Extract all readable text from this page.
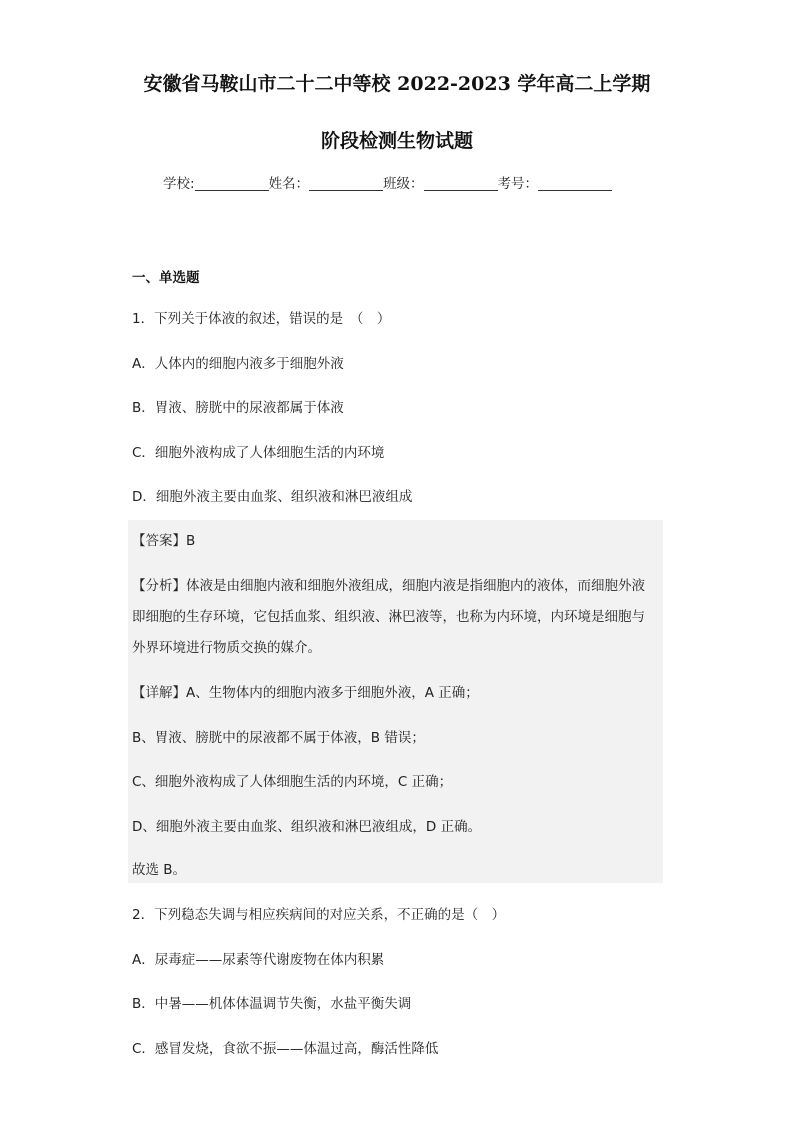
安徽省马鞍山市二十二中等校 2022-2023 学年高二上学期
阶段检测生物试题
学校:	姓名：	班级：	考号：
一、单选题
1．下列关于体液的叙述，错误的是　（　）
A．人体内的细胞内液多于细胞外液
B．胃液、膀胱中的尿液都属于体液
C．细胞外液构成了人体细胞生活的内环境
D．细胞外液主要由血浆、组织液和淋巴液组成
【答案】B
【分析】体液是由细胞内液和细胞外液组成，细胞内液是指细胞内的液体，而细胞外液
即细胞的生存环境，它包括血浆、组织液、淋巴液等，也称为内环境，内环境是细胞与
外界环境进行物质交换的媒介。
【详解】A、生物体内的细胞内液多于细胞外液，A 正确；
B、胃液、膀胱中的尿液都不属于体液，B 错误；
C、细胞外液构成了人体细胞生活的内环境，C 正确；
D、细胞外液主要由血浆、组织液和淋巴液组成，D 正确。
故选 B。
2．下列稳态失调与相应疾病间的对应关系，不正确的是（　）
A．尿毒症——尿素等代谢废物在体内积累
B．中暑——机体体温调节失衡，水盐平衡失调
C．感冒发烧，食欲不振——体温过高，酶活性降低
